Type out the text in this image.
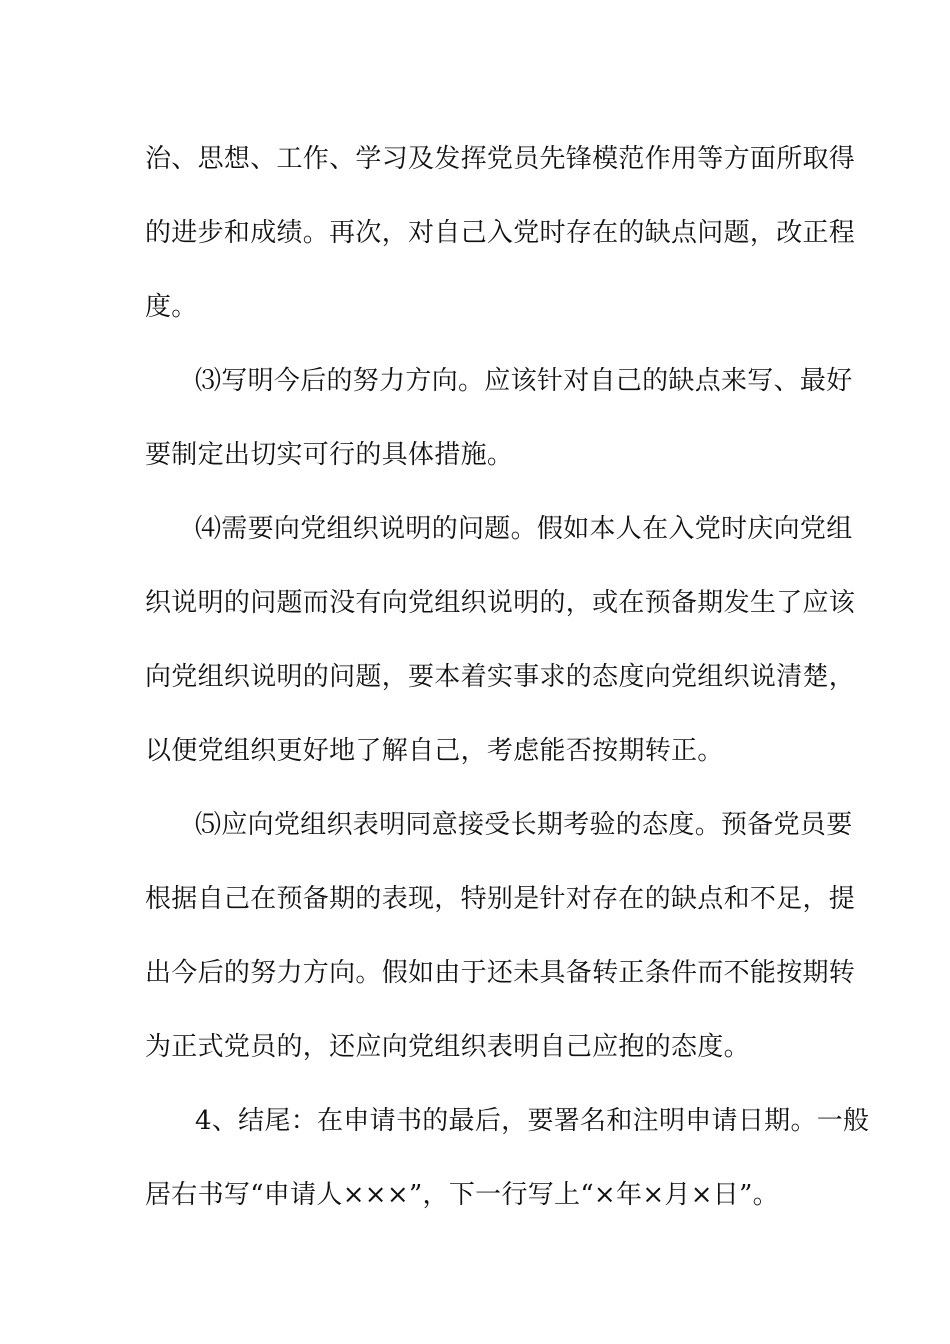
治、思想、工作、学习及发挥党员先锋模范作用等方面所取得
的进步和成绩。再次，对自己入党时存在的缺点问题，改正程
度。

⑶写明今后的努力方向。应该针对自己的缺点来写、最好
要制定出切实可行的具体措施。

⑷需要向党组织说明的问题。假如本人在入党时庆向党组
织说明的问题而没有向党组织说明的，或在预备期发生了应该
向党组织说明的问题，要本着实事求的态度向党组织说清楚，
以便党组织更好地了解自己，考虑能否按期转正。

⑸应向党组织表明同意接受长期考验的态度。预备党员要
根据自己在预备期的表现，特别是针对存在的缺点和不足，提
出今后的努力方向。假如由于还未具备转正条件而不能按期转
为正式党员的，还应向党组织表明自己应抱的态度。

4、结尾：在申请书的最后，要署名和注明申请日期。一般
居右书写“申请人×××”，下一行写上“×年×月×日”。
